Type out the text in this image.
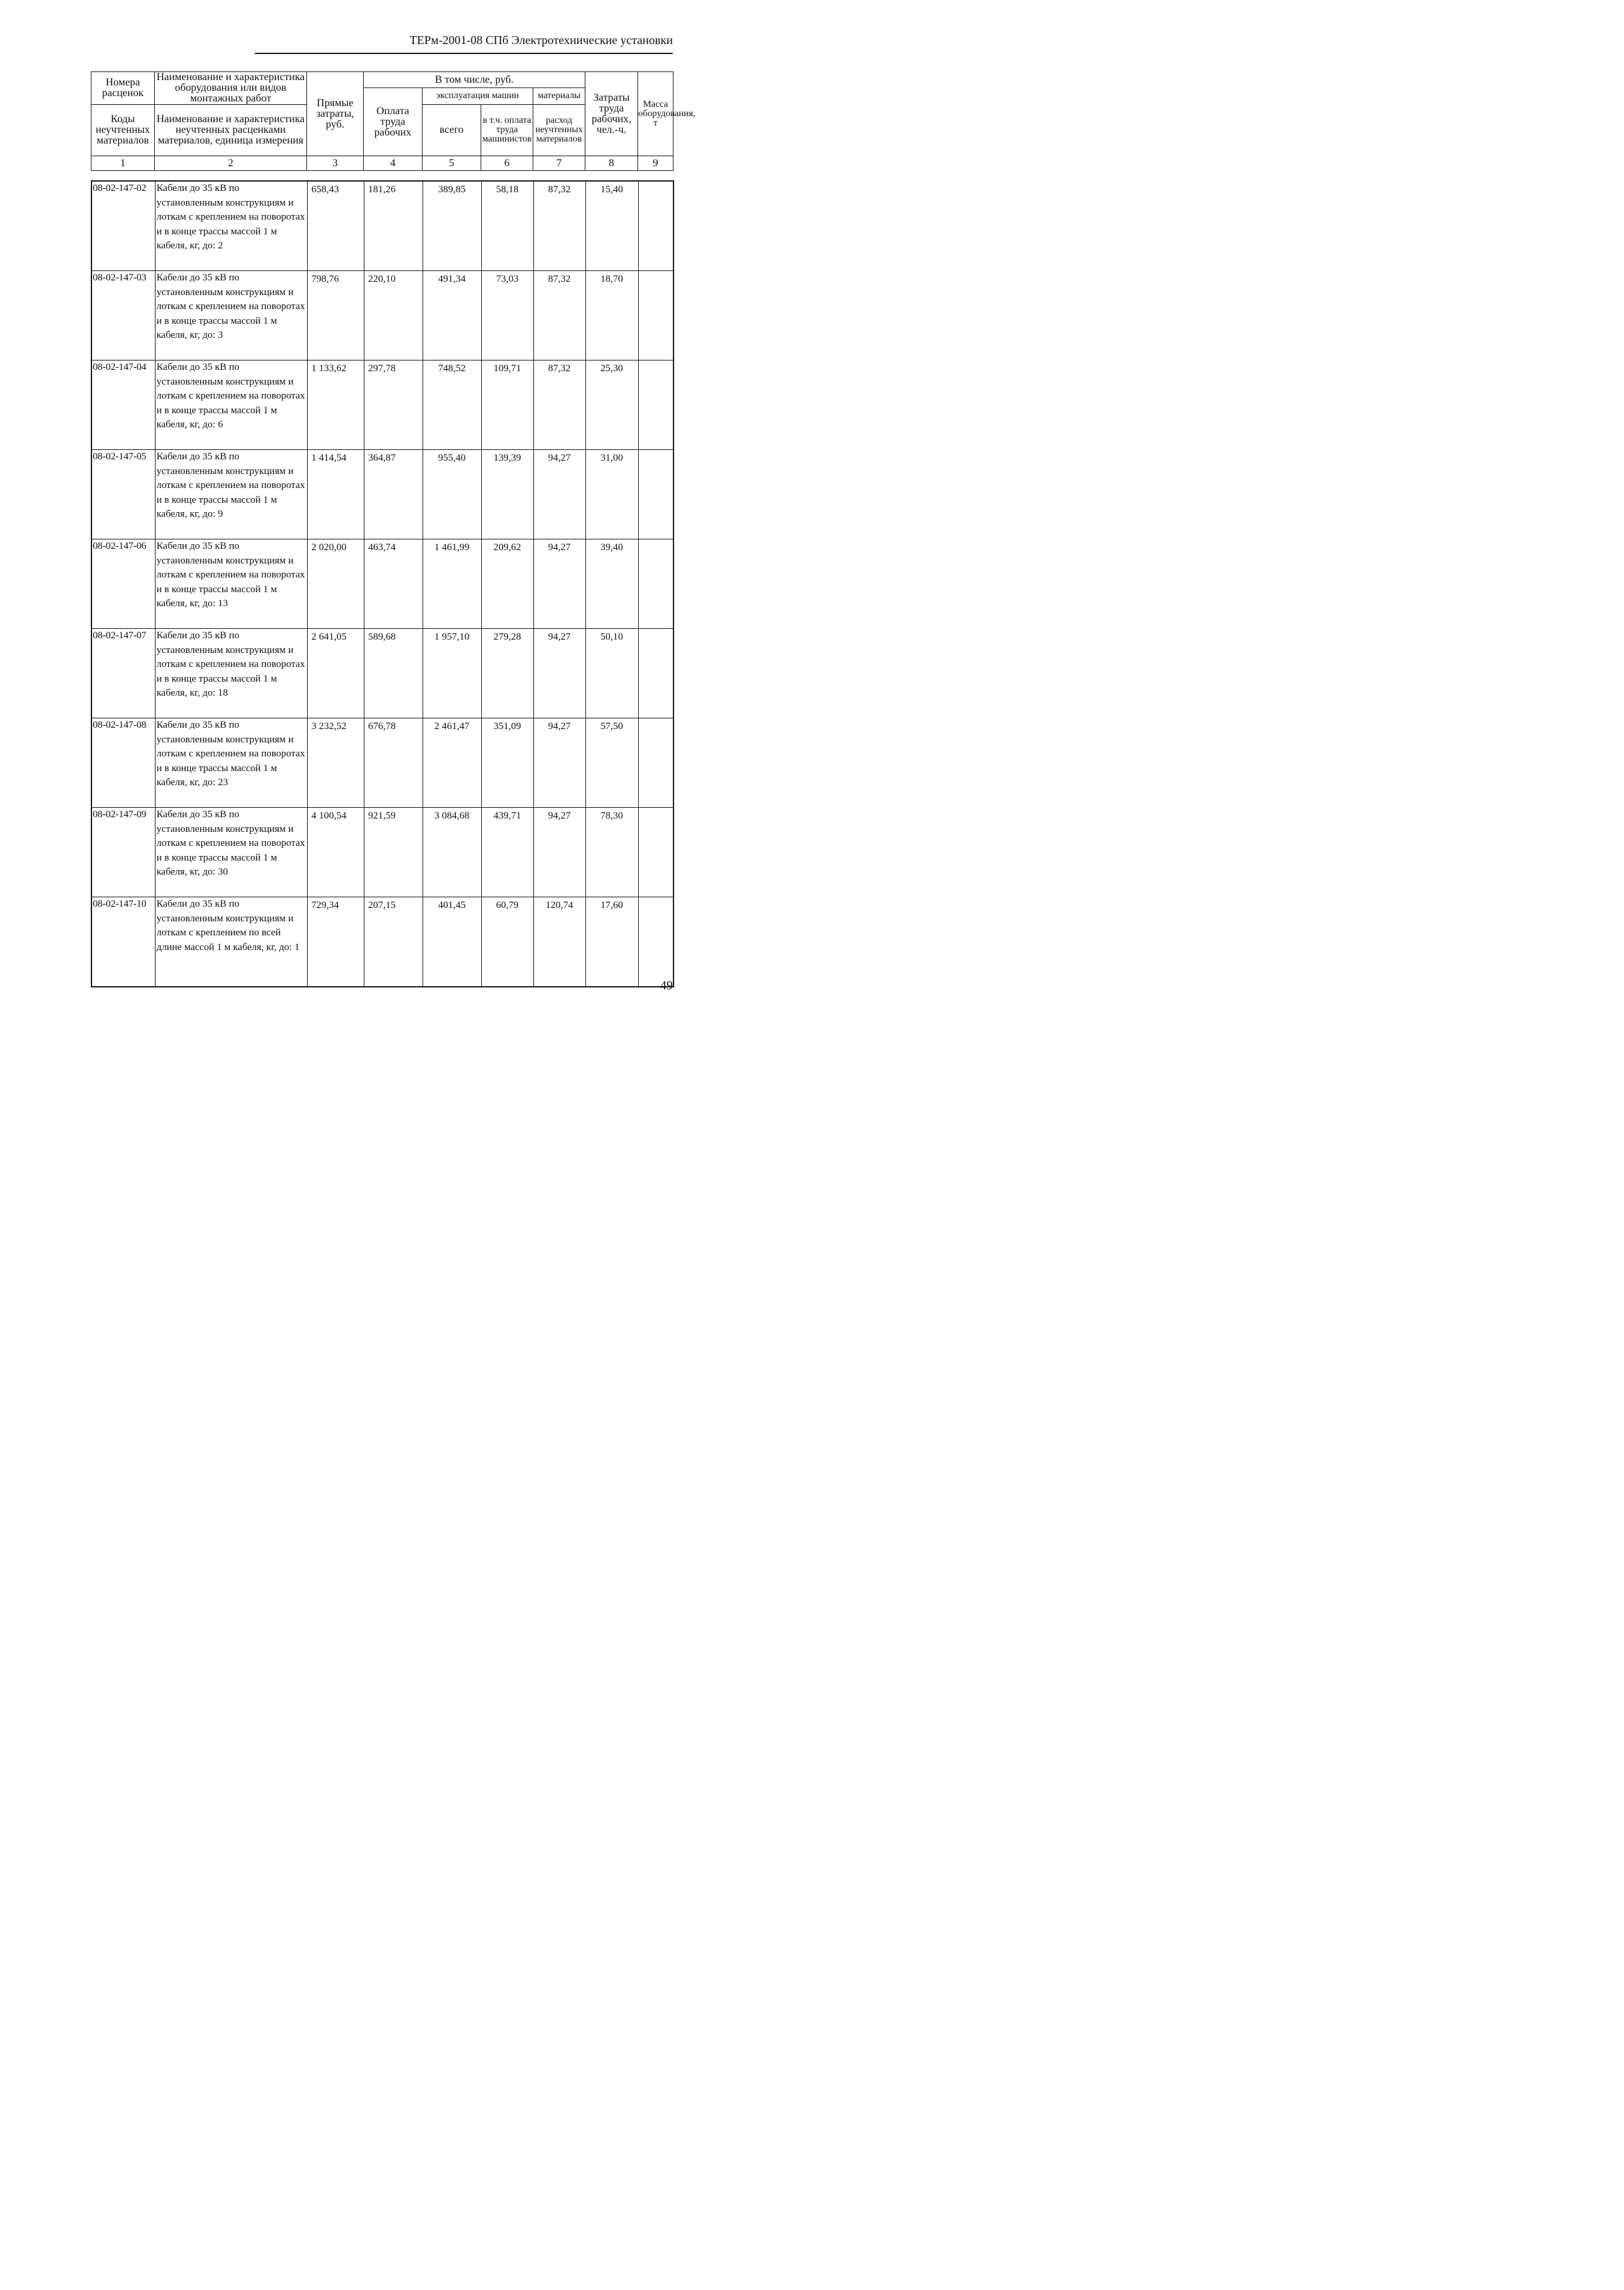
ТЕРм-2001-08 СПб Электротехнические установки
Номера расценок	Наименование и характеристика оборудования или видов монтажных работ	Прямые затраты, руб.	В том числе, руб.				Затраты труда рабочих, чел.-ч.	Масса оборудования, т
			Оплата труда рабочих	эксплуатация машин		материалы		
Коды неучтенных материалов	Наименование и характеристика неучтенных расценками материалов, единица измерения			всего	в т.ч. оплата труда машинистов	расход неучтенных материалов		

1	2	3	4	5	6	7	8	9
08-02-147-02	Кабели до 35 кВ по установленным конструкциям и лоткам с креплением на поворотах и в конце трассы массой 1 м кабеля, кг, до: 2	658,43	181,26	389,85	58,18	87,32	15,40	
08-02-147-03	Кабели до 35 кВ по установленным конструкциям и лоткам с креплением на поворотах и в конце трассы массой 1 м кабеля, кг, до: 3	798,76	220,10	491,34	73,03	87,32	18,70	
08-02-147-04	Кабели до 35 кВ по установленным конструкциям и лоткам с креплением на поворотах и в конце трассы массой 1 м кабеля, кг, до: 6	1 133,62	297,78	748,52	109,71	87,32	25,30	
08-02-147-05	Кабели до 35 кВ по установленным конструкциям и лоткам с креплением на поворотах и в конце трассы массой 1 м кабеля, кг, до: 9	1 414,54	364,87	955,40	139,39	94,27	31,00	
08-02-147-06	Кабели до 35 кВ по установленным конструкциям и лоткам с креплением на поворотах и в конце трассы массой 1 м кабеля, кг, до: 13	2 020,00	463,74	1 461,99	209,62	94,27	39,40	
08-02-147-07	Кабели до 35 кВ по установленным конструкциям и лоткам с креплением на поворотах и в конце трассы массой 1 м кабеля, кг, до: 18	2 641,05	589,68	1 957,10	279,28	94,27	50,10	
08-02-147-08	Кабели до 35 кВ по установленным конструкциям и лоткам с креплением на поворотах и в конце трассы массой 1 м кабеля, кг, до: 23	3 232,52	676,78	2 461,47	351,09	94,27	57,50	
08-02-147-09	Кабели до 35 кВ по установленным конструкциям и лоткам с креплением на поворотах и в конце трассы массой 1 м кабеля, кг, до: 30	4 100,54	921,59	3 084,68	439,71	94,27	78,30	
08-02-147-10	Кабели до 35 кВ по установленным конструкциям и лоткам с креплением по всей длине массой 1 м кабеля, кг, до: 1	729,34	207,15	401,45	60,79	120,74	17,60	
49
